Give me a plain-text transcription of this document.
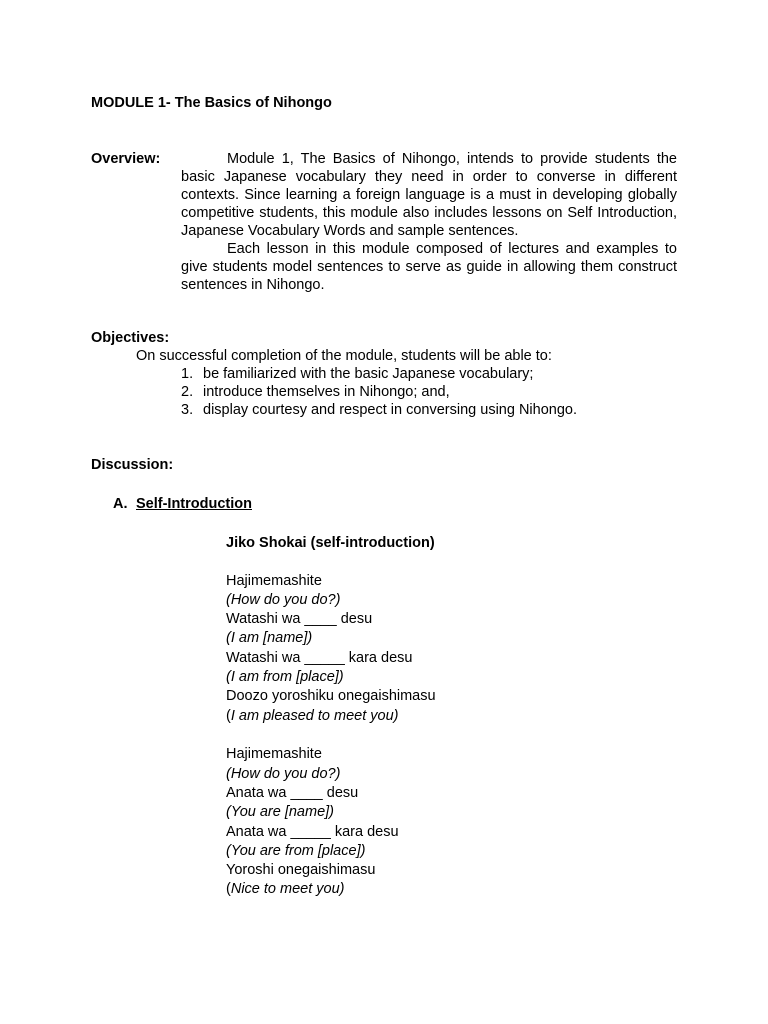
MODULE 1- The Basics of Nihongo
Overview:	Module 1, The Basics of Nihongo, intends to provide students the basic Japanese vocabulary they need in order to converse in different contexts. Since learning a foreign language is a must in developing globally competitive students, this module also includes lessons on Self Introduction, Japanese Vocabulary Words and sample sentences.

Each lesson in this module composed of lectures and examples to give students model sentences to serve as guide in allowing them construct sentences in Nihongo.

Objectives:
On successful completion of the module, students will be able to:
1. be familiarized with the basic Japanese vocabulary;
2. introduce themselves in Nihongo; and,
3. display courtesy and respect in conversing using Nihongo.
Discussion:
A. Self-Introduction
Jiko Shokai (self-introduction)
Hajimemashite
(How do you do?)
Watashi wa ____ desu
(I am [name])
Watashi wa _____ kara desu
(I am from [place])
Doozo yoroshiku onegaishimasu
(I am pleased to meet you)
Hajimemashite
(How do you do?)
Anata wa ____ desu
(You are [name])
Anata wa _____ kara desu
(You are from [place])
Yoroshi onegaishimasu
(Nice to meet you)
